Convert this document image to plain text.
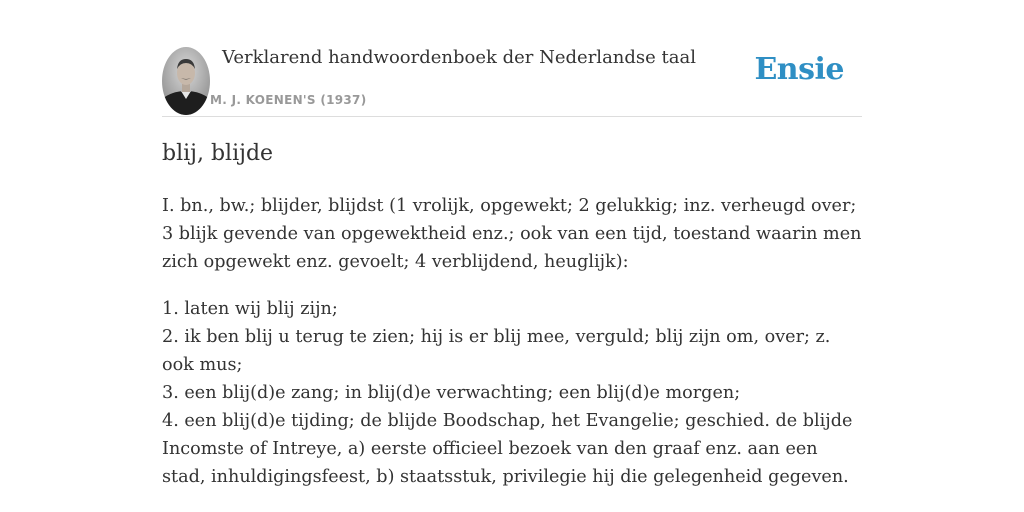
Verklarend handwoordenboek der Nederlandse taal
M. J. KOENEN'S (1937)
Ensie
blij, blijde

I. bn., bw.; blijder, blijdst (1 vrolijk, opgewekt; 2 gelukkig; inz. verheugd over; 3 blijk gevende van opgewektheid enz.; ook van een tijd, toestand waarin men zich opgewekt enz. gevoelt; 4 verblijdend, heuglijk):

1. laten wij blij zijn;
2. ik ben blij u terug te zien; hij is er blij mee, verguld; blij zijn om, over; z. ook mus;
3. een blij(d)e zang; in blij(d)e verwachting; een blij(d)e morgen;
4. een blij(d)e tijding; de blijde Boodschap, het Evangelie; geschied. de blijde Incomste of Intreye, a) eerste officieel bezoek van den graaf enz. aan een stad, inhuldigingsfeest, b) staatsstuk, privilegie hij die gelegenheid gegeven.
